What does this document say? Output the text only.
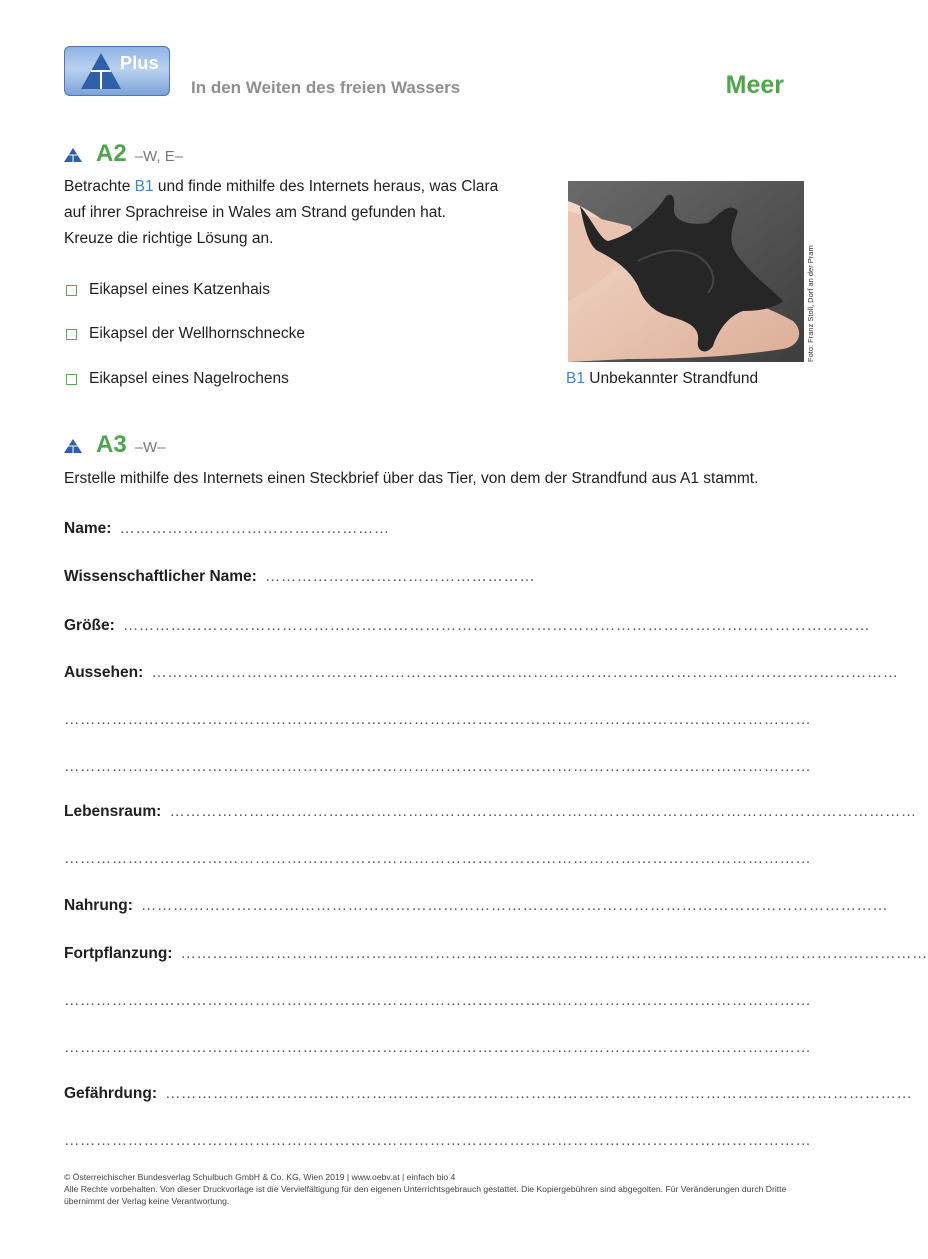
Plus
In den Weiten des freien Wassers	Meer
A2 –W, E–
Betrachte B1 und finde mithilfe des Internets heraus, was Clara
auf ihrer Sprachreise in Wales am Strand gefunden hat.
Kreuze die richtige Lösung an.
Eikapsel eines Katzenhais
Eikapsel der Wellhornschnecke
Eikapsel eines Nagelrochens
Foto: Franz Stoll, Dorf an der Pram
B1 Unbekannter Strandfund
A3 –W–
Erstelle mithilfe des Internets einen Steckbrief über das Tier, von dem der Strandfund aus A1 stammt.
Name: ……………………………………………
Wissenschaftlicher Name: ……………………………………………
Größe: ……………………………………………………………………………………………………………………………
Aussehen: ……………………………………………………………………………………………………………………………
……………………………………………………………………………………………………………………………
……………………………………………………………………………………………………………………………
Lebensraum: ……………………………………………………………………………………………………………………………
……………………………………………………………………………………………………………………………
Nahrung: ……………………………………………………………………………………………………………………………
Fortpflanzung: ……………………………………………………………………………………………………………………………
……………………………………………………………………………………………………………………………
……………………………………………………………………………………………………………………………
Gefährdung: ……………………………………………………………………………………………………………………………
……………………………………………………………………………………………………………………………
© Österreichischer Bundesverlag Schulbuch GmbH & Co. KG, Wien 2019 | www.oebv.at | einfach bio 4
Alle Rechte vorbehalten. Von dieser Druckvorlage ist die Vervielfältigung für den eigenen Unterrichtsgebrauch gestattet. Die Kopiergebühren sind abgegolten. Für Veränderungen durch Dritte übernimmt der Verlag keine Verantwortung.
